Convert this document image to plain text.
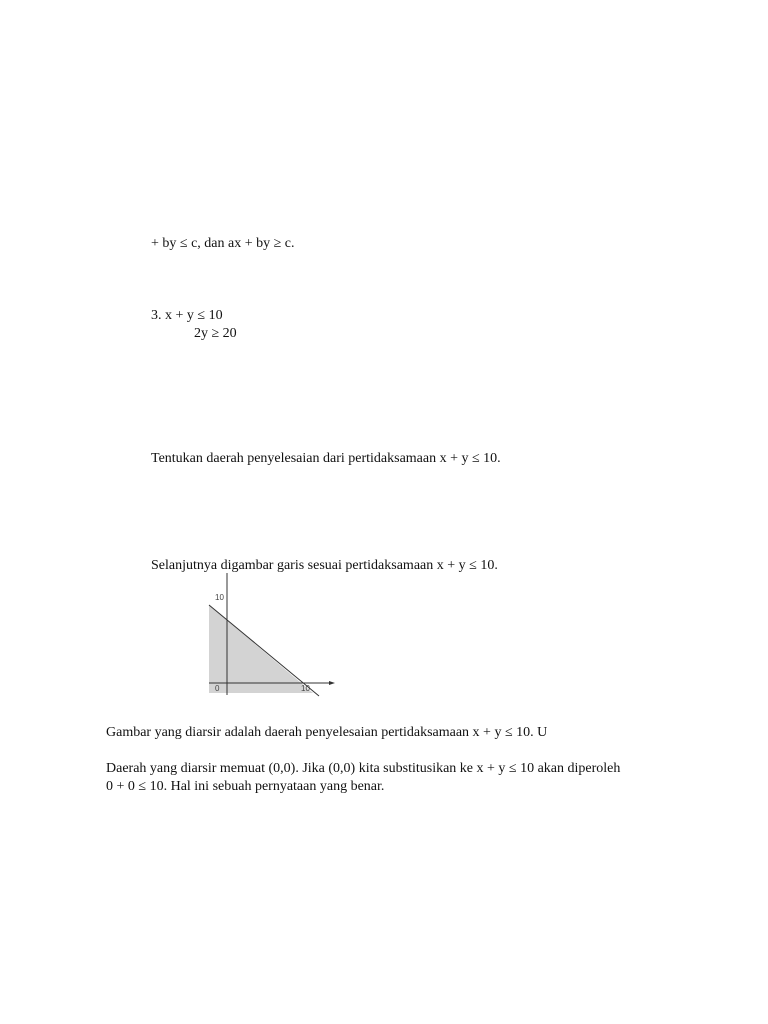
+ by ≤ c, dan ax + by ≥ c.
3. x + y ≤ 10
2y ≥ 20
Tentukan daerah penyelesaian dari pertidaksamaan x + y ≤ 10.
Selanjutnya digambar garis sesuai pertidaksamaan x + y ≤ 10.
10
0	10
Gambar yang diarsir adalah daerah penyelesaian pertidaksamaan x + y ≤ 10. U
Daerah yang diarsir memuat (0,0). Jika (0,0) kita substitusikan ke x + y ≤ 10 akan diperoleh
0 + 0 ≤ 10. Hal ini sebuah pernyataan yang benar.
